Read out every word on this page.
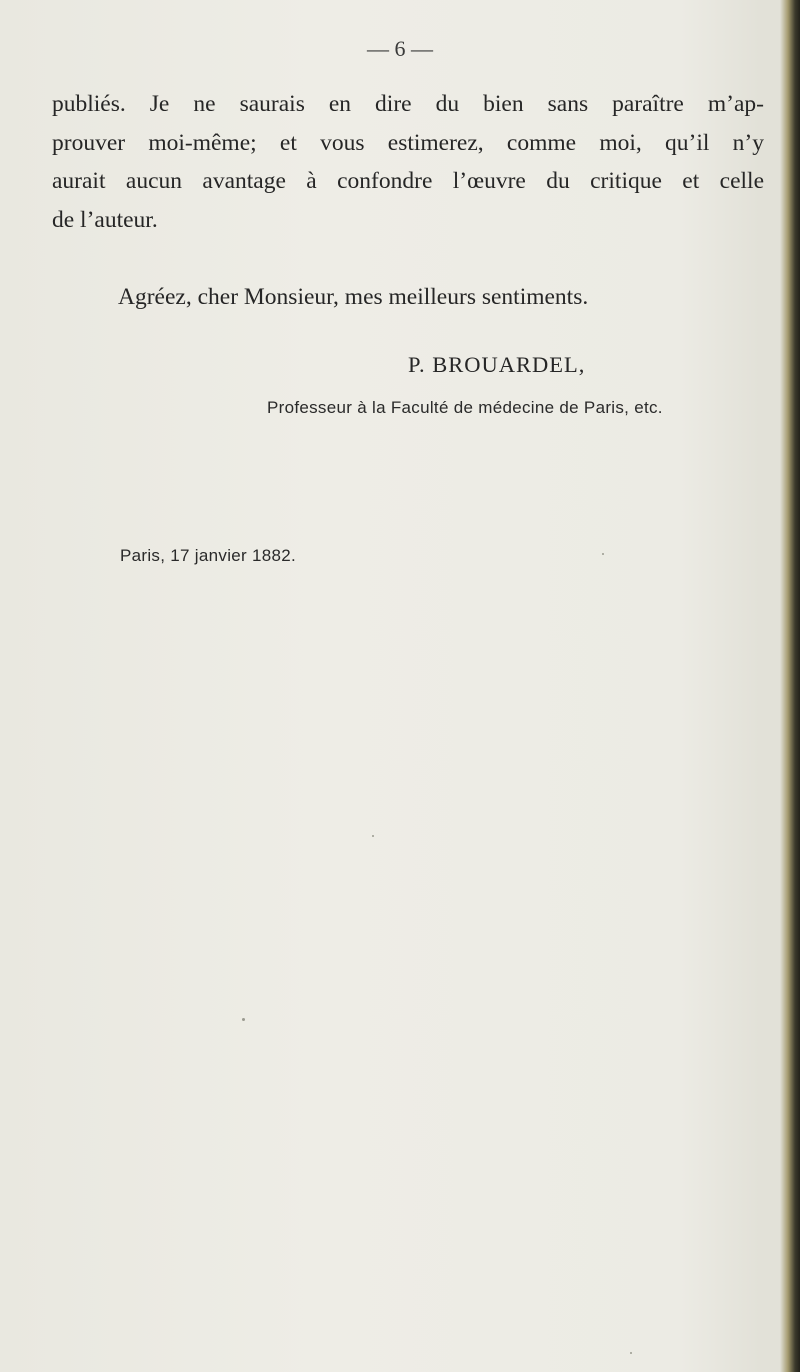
— 6 —

publiés. Je ne saurais en dire du bien sans paraître m’ap-

prouver moi-même; et vous estimerez, comme moi, qu’il n’y

aurait aucun avantage à confondre l’œuvre du critique et celle

de l’auteur.

Agréez, cher Monsieur, mes meilleurs sentiments.
P. BROUARDEL,
Professeur à la Faculté de médecine de Paris, etc.
Paris, 17 janvier 1882.
